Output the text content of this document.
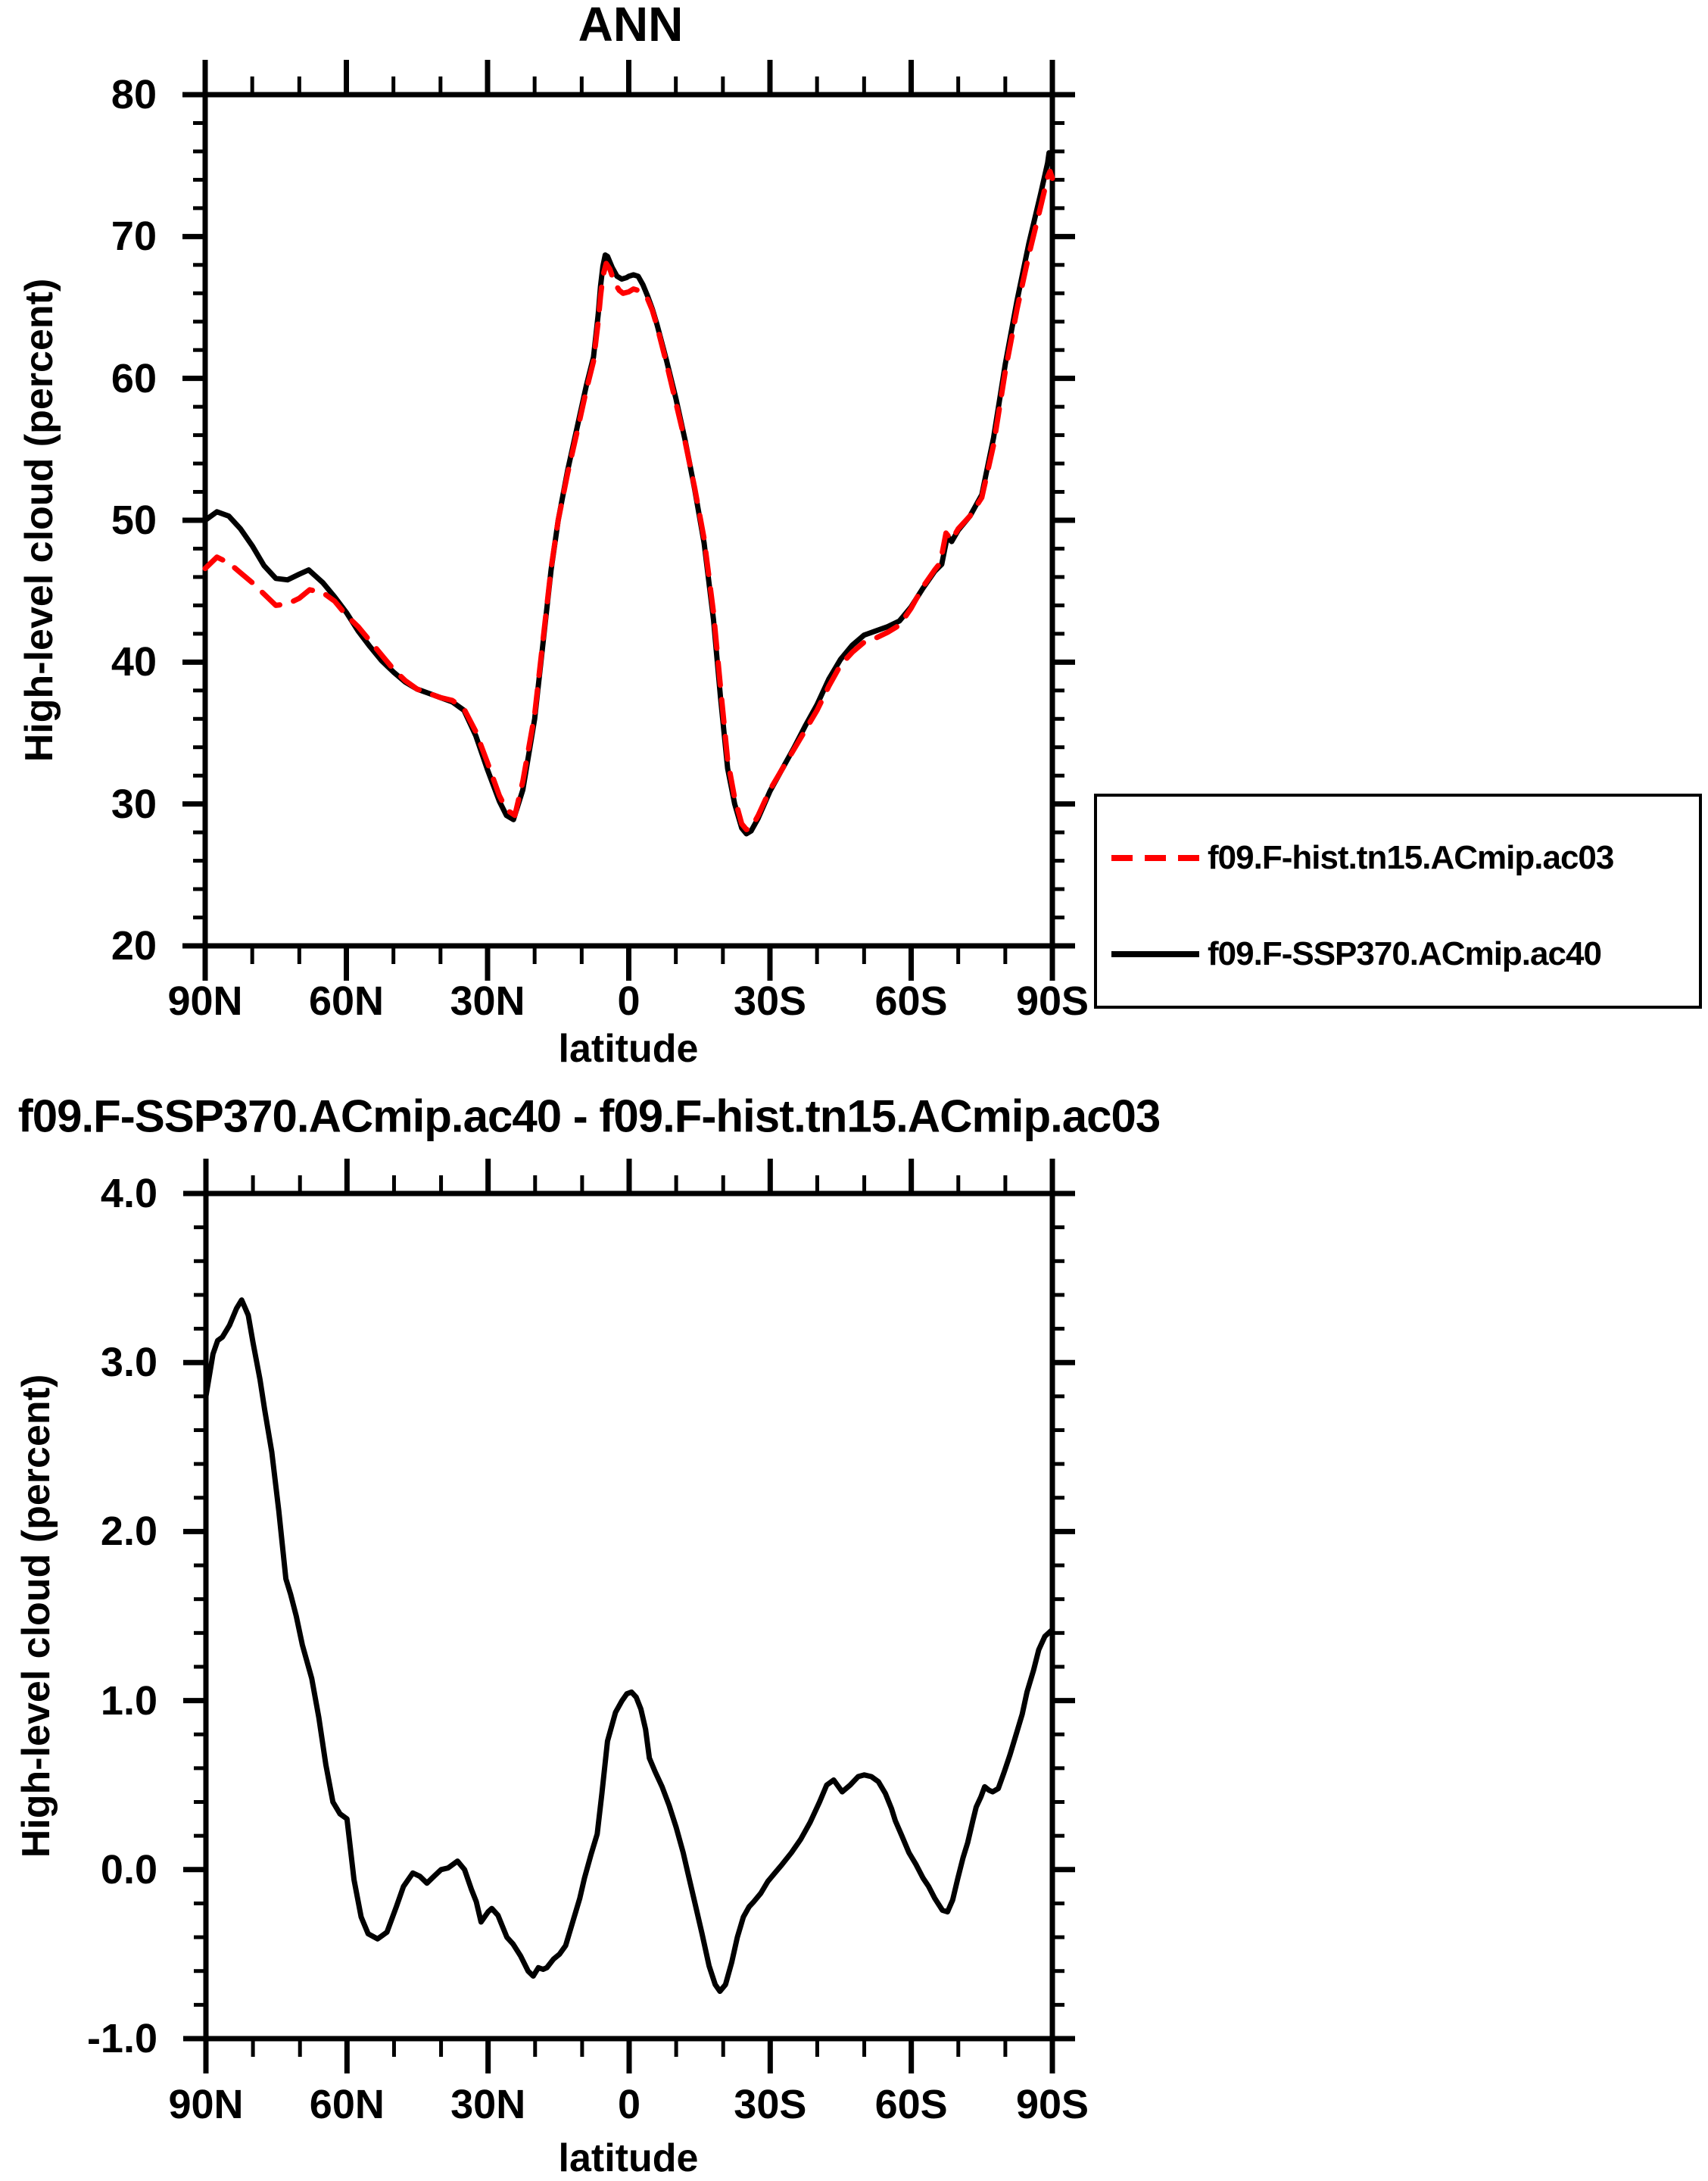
ANN
High-level cloud (percent)
latitude
f09.F-hist.tn15.ACmip.ac03
f09.F-SSP370.ACmip.ac40
f09.F-SSP370.ACmip.ac40 - f09.F-hist.tn15.ACmip.ac03
High-level cloud (percent)
latitude
90N 60N 30N 0 30S 60S 90S
20
30
40
50
60
70
80
90N 60N 30N 0 30S 60S 90S
4.0
3.0
2.0
1.0
0.0
-1.0
